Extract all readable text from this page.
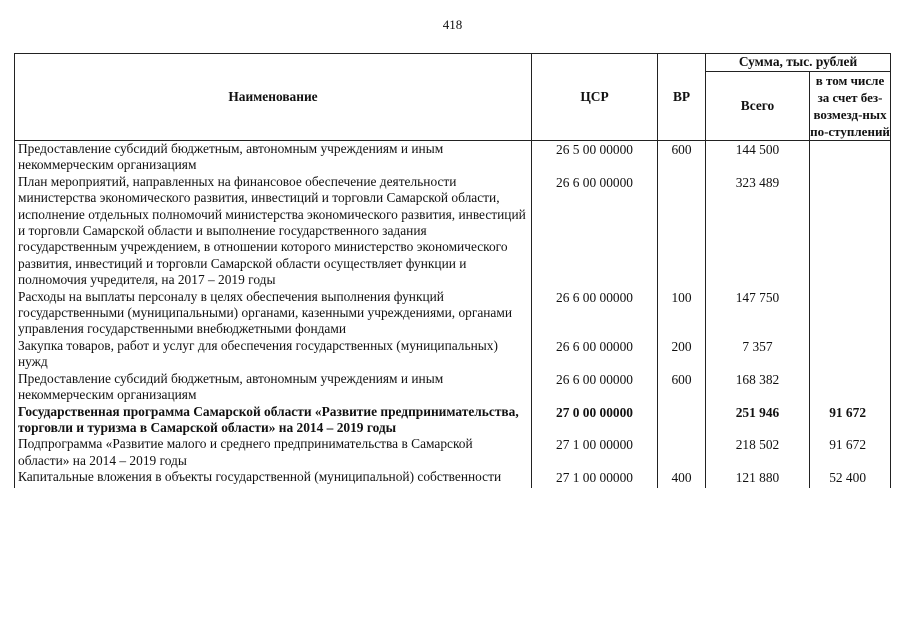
418
Наименование	ЦСР	ВР	Сумма, тыс. рублей	
			Всего	в том числе за счет без-возмезд-ных по-ступлений
Предоставление субсидий бюджетным, автономным учреждениям и иным некоммерческим организациям	26 5 00 00000	600	144 500	
План мероприятий, направленных на финансовое обеспечение деятельности министерства экономического развития, инвестиций и торговли Самарской области, исполнение отдельных полномочий министерства экономического развития, инвестиций и торговли Самарской области и выполнение государственного задания государственным учреждением, в отношении которого министерство экономического развития, инвестиций и торговли Самарской области осуществляет функции и полномочия учредителя, на 2017 – 2019 годы	26 6 00 00000		323 489	
Расходы на выплаты персоналу в целях обеспечения выполнения функций государственными (муниципальными) органами, казенными учреждениями, органами управления государственными внебюджетными фондами	26 6 00 00000	100	147 750	
Закупка товаров, работ и услуг для обеспечения государственных (муниципальных) нужд	26 6 00 00000	200	7 357	
Предоставление субсидий бюджетным, автономным учреждениям и иным некоммерческим организациям	26 6 00 00000	600	168 382	
Государственная программа Самарской области «Развитие предпринимательства, торговли и туризма в Самарской области» на 2014 – 2019 годы	27 0 00 00000		251 946	91 672
Подпрограмма «Развитие малого и среднего предпринимательства в Самарской области» на 2014 – 2019 годы	27 1 00 00000		218 502	91 672
Капитальные вложения в объекты государственной (муниципальной) собственности	27 1 00 00000	400	121 880	52 400
